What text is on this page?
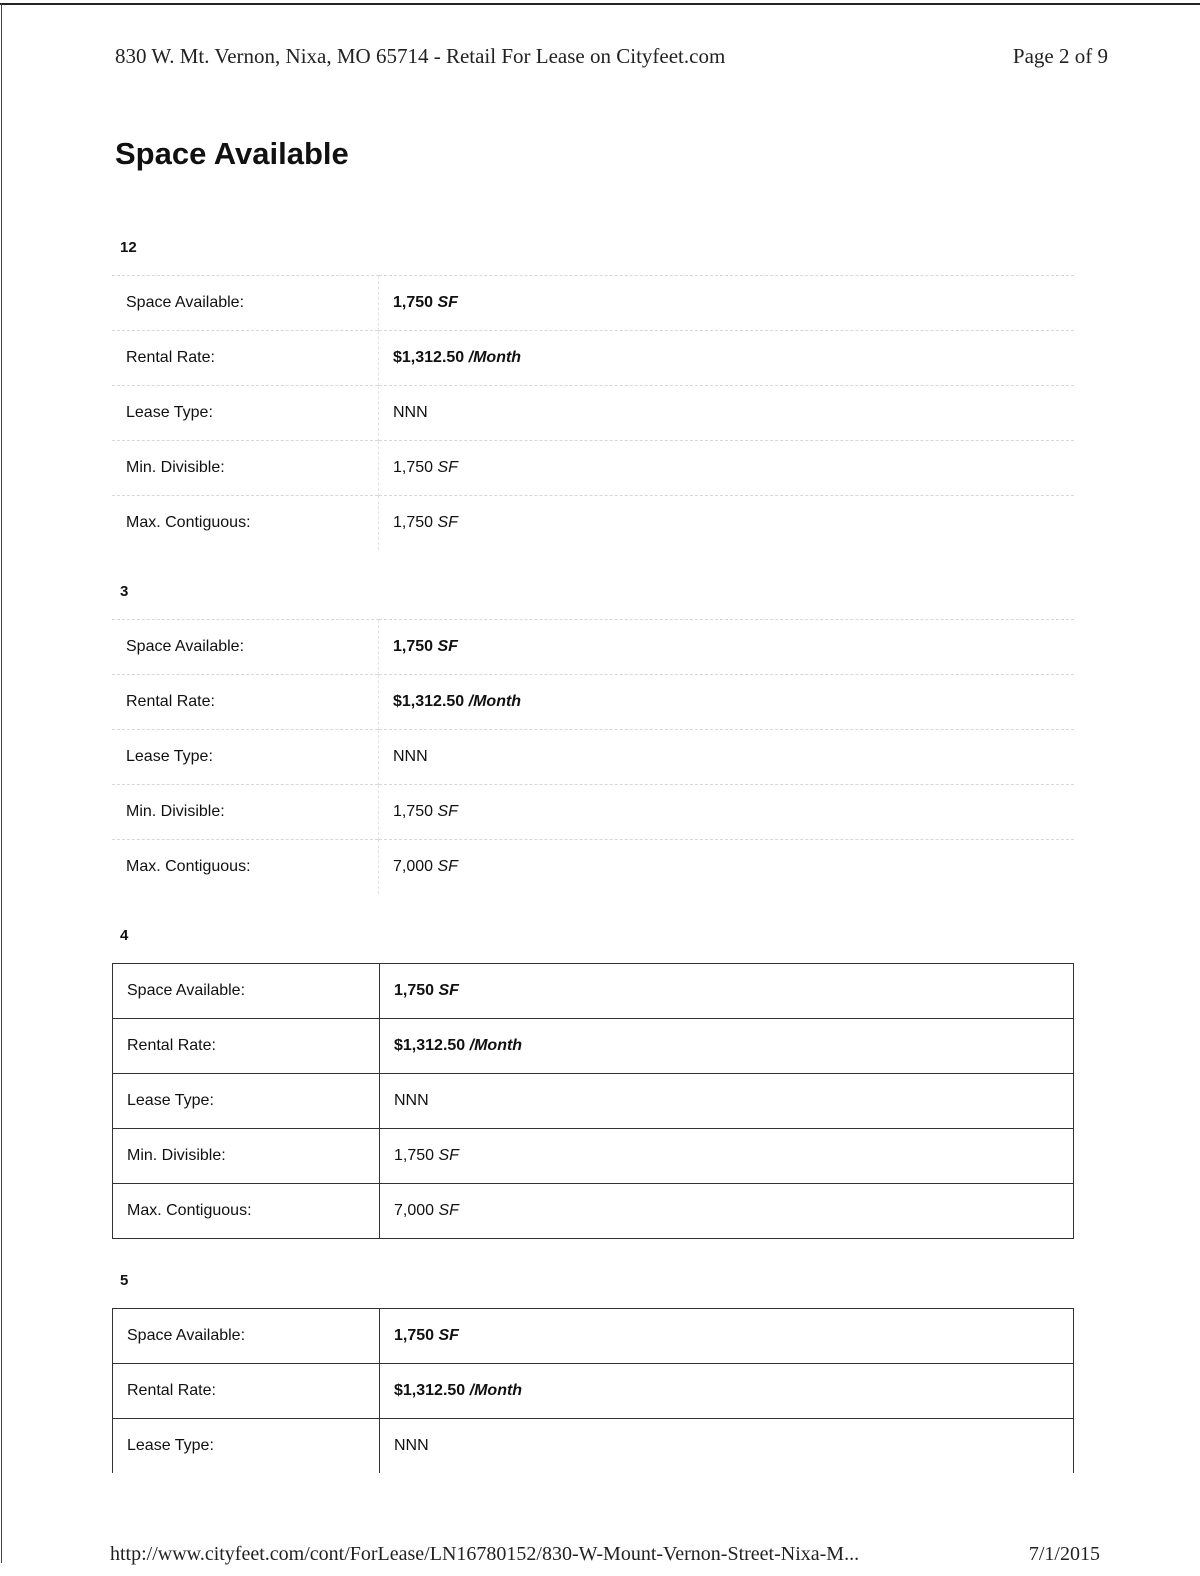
830 W. Mt. Vernon, Nixa, MO 65714 - Retail For Lease on Cityfeet.com	Page 2 of 9
Space Available
12
Space Available:	1,750 SF
Rental Rate:	$1,312.50 /Month
Lease Type:	NNN
Min. Divisible:	1,750 SF
Max. Contiguous:	1,750 SF
3
Space Available:	1,750 SF
Rental Rate:	$1,312.50 /Month
Lease Type:	NNN
Min. Divisible:	1,750 SF
Max. Contiguous:	7,000 SF
4
Space Available:	1,750 SF
Rental Rate:	$1,312.50 /Month
Lease Type:	NNN
Min. Divisible:	1,750 SF
Max. Contiguous:	7,000 SF
5
Space Available:	1,750 SF
Rental Rate:	$1,312.50 /Month
Lease Type:	NNN
http://www.cityfeet.com/cont/ForLease/LN16780152/830-W-Mount-Vernon-Street-Nixa-M...	7/1/2015
